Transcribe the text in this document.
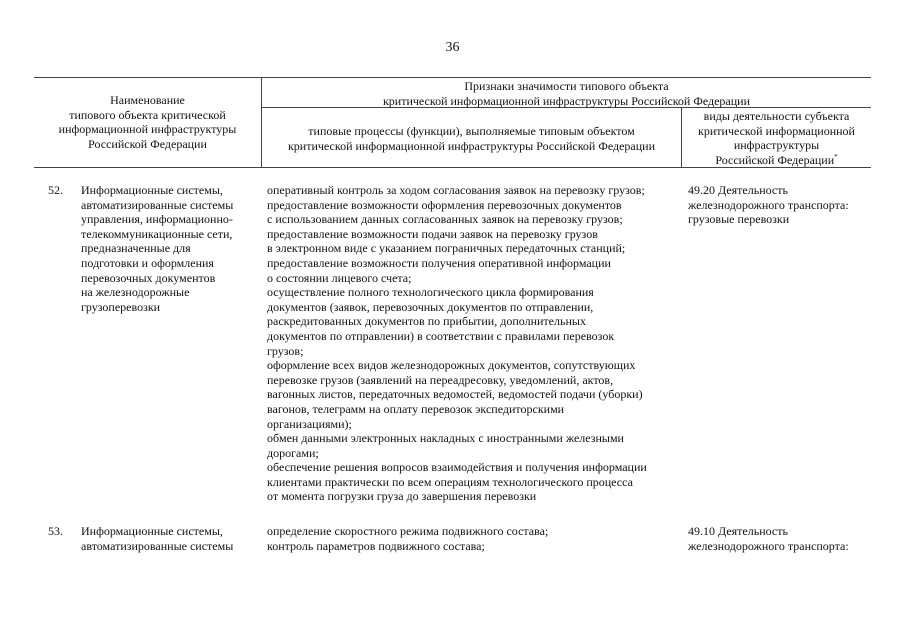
36
Наименование
типового объекта критической
информационной инфраструктуры
Российской Федерации
Признаки значимости типового объекта
критической информационной инфраструктуры Российской Федерации
типовые процессы (функции), выполняемые типовым объектом
критической информационной инфраструктуры Российской Федерации
виды деятельности субъекта
критической информационной
инфраструктуры
Российской Федерации*
52. Информационные системы,
автоматизированные системы
управления, информационно-
телекоммуникационные сети,
предназначенные для
подготовки и оформления
перевозочных документов
на железнодорожные
грузоперевозки
оперативный контроль за ходом согласования заявок на перевозку грузов;
предоставление возможности оформления перевозочных документов
с использованием данных согласованных заявок на перевозку грузов;
предоставление возможности подачи заявок на перевозку грузов
в электронном виде с указанием пограничных передаточных станций;
предоставление возможности получения оперативной информации
о состоянии лицевого счета;
осуществление полного технологического цикла формирования
документов (заявок, перевозочных документов по отправлении,
раскредитованных документов по прибытии, дополнительных
документов по отправлении) в соответствии с правилами перевозок
грузов;
оформление всех видов железнодорожных документов, сопутствующих
перевозке грузов (заявлений на переадресовку, уведомлений, актов,
вагонных листов, передаточных ведомостей, ведомостей подачи (уборки)
вагонов, телеграмм на оплату перевозок экспедиторскими
организациями);
обмен данными электронных накладных с иностранными железными
дорогами;
обеспечение решения вопросов взаимодействия и получения информации
клиентами практически по всем операциям технологического процесса
от момента погрузки груза до завершения перевозки
49.20 Деятельность
железнодорожного транспорта:
грузовые перевозки
53. Информационные системы,
автоматизированные системы
определение скоростного режима подвижного состава;
контроль параметров подвижного состава;
49.10 Деятельность
железнодорожного транспорта:
